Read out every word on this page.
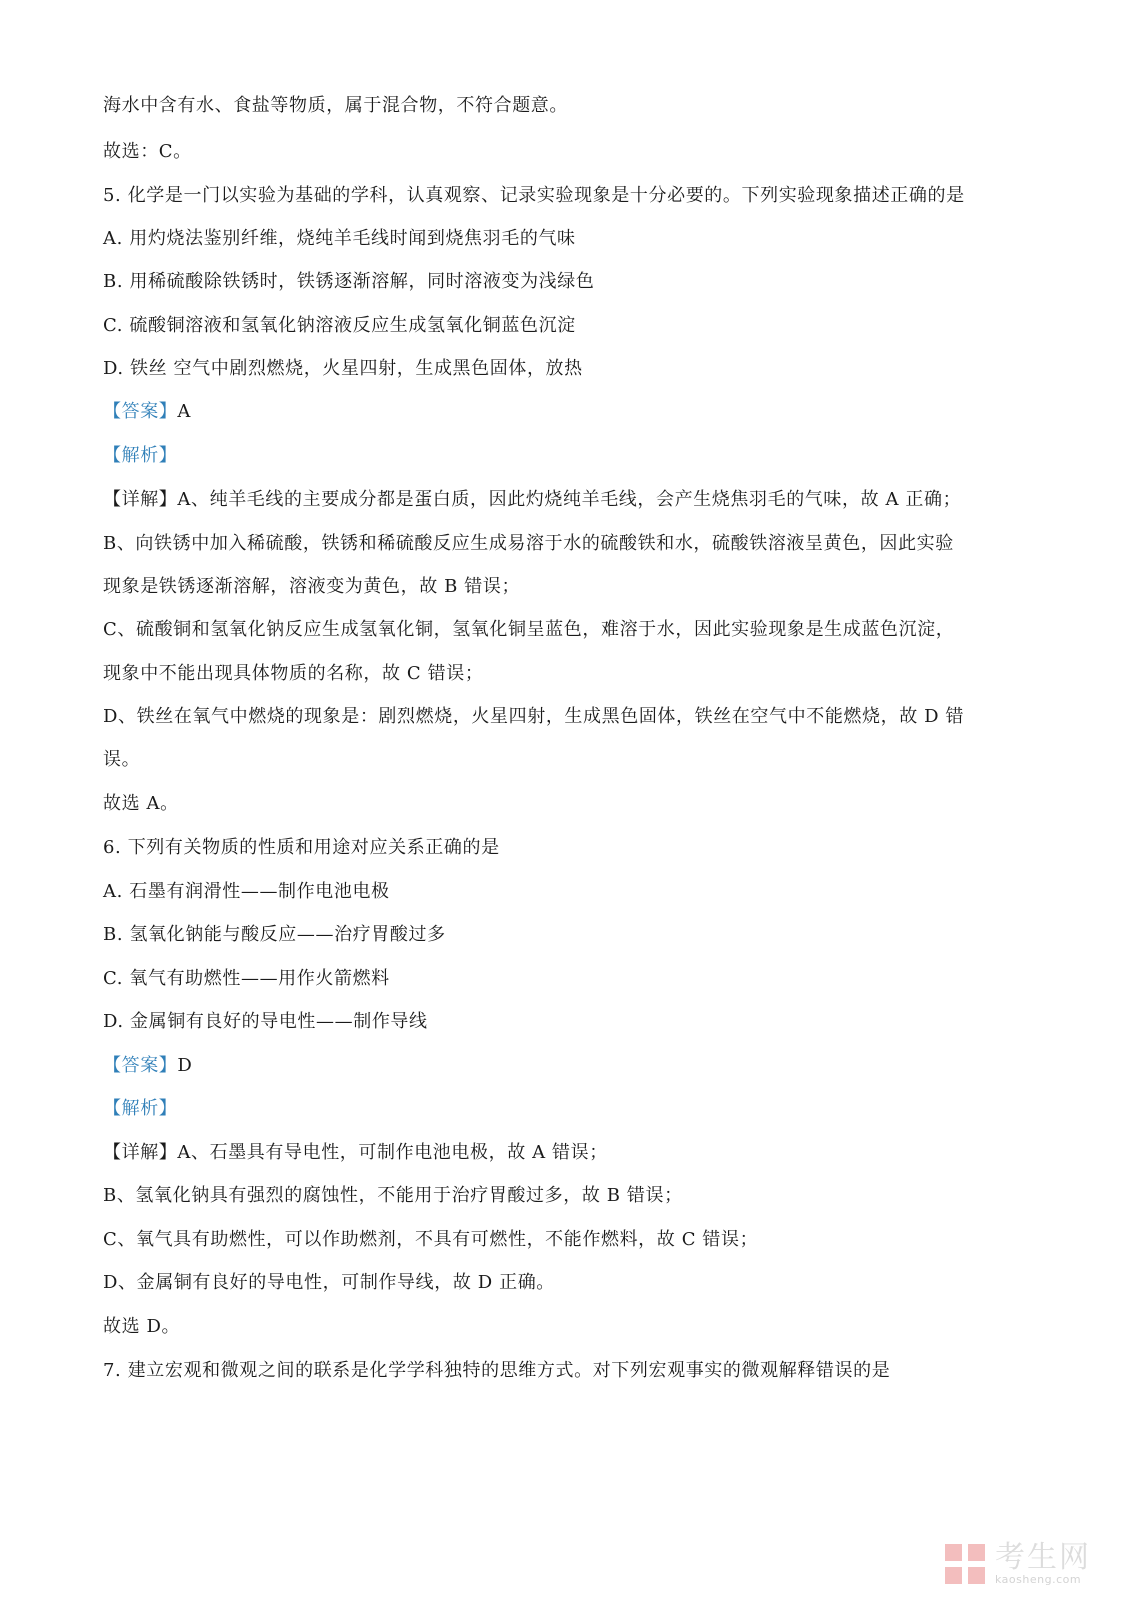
海水中含有水、食盐等物质，属于混合物，不符合题意。
故选：C。
5. 化学是一门以实验为基础的学科，认真观察、记录实验现象是十分必要的。下列实验现象描述正确的是
A. 用灼烧法鉴别纤维，烧纯羊毛线时闻到烧焦羽毛的气味
B. 用稀硫酸除铁锈时，铁锈逐渐溶解，同时溶液变为浅绿色
C. 硫酸铜溶液和氢氧化钠溶液反应生成氢氧化铜蓝色沉淀
D. 铁丝 空气中剧烈燃烧，火星四射，生成黑色固体，放热
【答案】A
【解析】
【详解】A、纯羊毛线的主要成分都是蛋白质，因此灼烧纯羊毛线，会产生烧焦羽毛的气味，故 A 正确；
B、向铁锈中加入稀硫酸，铁锈和稀硫酸反应生成易溶于水的硫酸铁和水，硫酸铁溶液呈黄色，因此实验
现象是铁锈逐渐溶解，溶液变为黄色，故 B 错误；
C、硫酸铜和氢氧化钠反应生成氢氧化铜，氢氧化铜呈蓝色，难溶于水，因此实验现象是生成蓝色沉淀，
现象中不能出现具体物质的名称，故 C 错误；
D、铁丝在氧气中燃烧的现象是：剧烈燃烧，火星四射，生成黑色固体，铁丝在空气中不能燃烧，故 D 错
误。
故选 A。
6. 下列有关物质的性质和用途对应关系正确的是
A. 石墨有润滑性——制作电池电极
B. 氢氧化钠能与酸反应——治疗胃酸过多
C. 氧气有助燃性——用作火箭燃料
D. 金属铜有良好的导电性——制作导线
【答案】D
【解析】
【详解】A、石墨具有导电性，可制作电池电极，故 A 错误；
B、氢氧化钠具有强烈的腐蚀性，不能用于治疗胃酸过多，故 B 错误；
C、氧气具有助燃性，可以作助燃剂，不具有可燃性，不能作燃料，故 C 错误；
D、金属铜有良好的导电性，可制作导线，故 D 正确。
故选 D。
7. 建立宏观和微观之间的联系是化学学科独特的思维方式。对下列宏观事实的微观解释错误的是
考生网
kaosheng.com
